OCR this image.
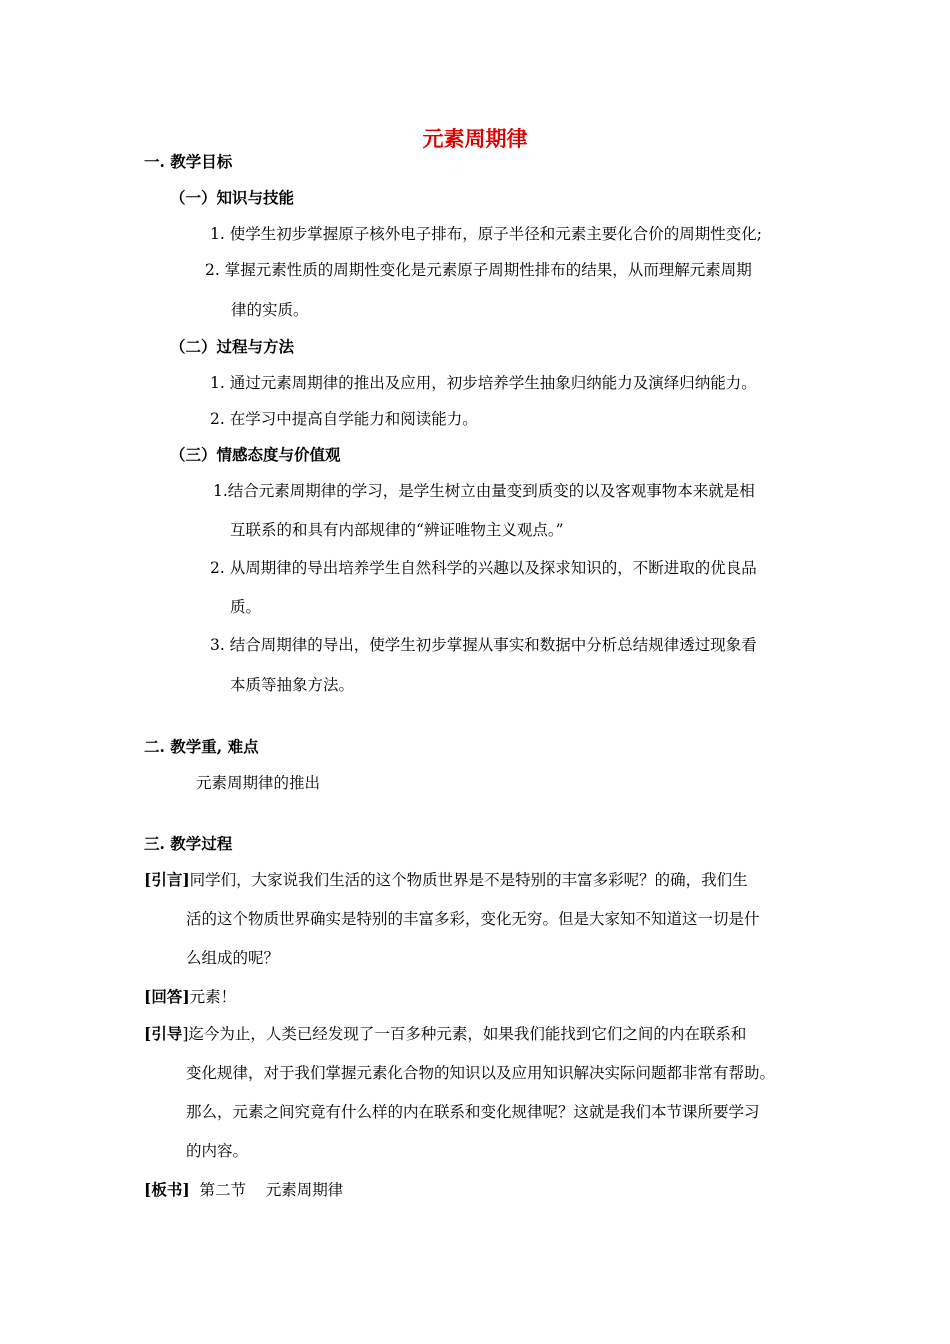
元素周期律
一. 教学目标
（一）知识与技能
1. 使学生初步掌握原子核外电子排布，原子半径和元素主要化合价的周期性变化;
2. 掌握元素性质的周期性变化是元素原子周期性排布的结果，从而理解元素周期
律的实质。
（二）过程与方法
1. 通过元素周期律的推出及应用，初步培养学生抽象归纳能力及演绎归纳能力。
2. 在学习中提高自学能力和阅读能力。
（三）情感态度与价值观
1.结合元素周期律的学习，是学生树立由量变到质变的以及客观事物本来就是相
互联系的和具有内部规律的“辨证唯物主义观点。”
2. 从周期律的导出培养学生自然科学的兴趣以及探求知识的，不断进取的优良品
质。
3. 结合周期律的导出，使学生初步掌握从事实和数据中分析总结规律透过现象看
本质等抽象方法。
二. 教学重, 难点
元素周期律的推出
三. 教学过程
[引言]同学们，大家说我们生活的这个物质世界是不是特别的丰富多彩呢？的确，我们生
活的这个物质世界确实是特别的丰富多彩，变化无穷。但是大家知不知道这一切是什
么组成的呢？
[回答]元素！
[引导]迄今为止，人类已经发现了一百多种元素，如果我们能找到它们之间的内在联系和
变化规律，对于我们掌握元素化合物的知识以及应用知识解决实际问题都非常有帮助。
那么，元素之间究竟有什么样的内在联系和变化规律呢？这就是我们本节课所要学习
的内容。
[板书]  第二节    元素周期律
